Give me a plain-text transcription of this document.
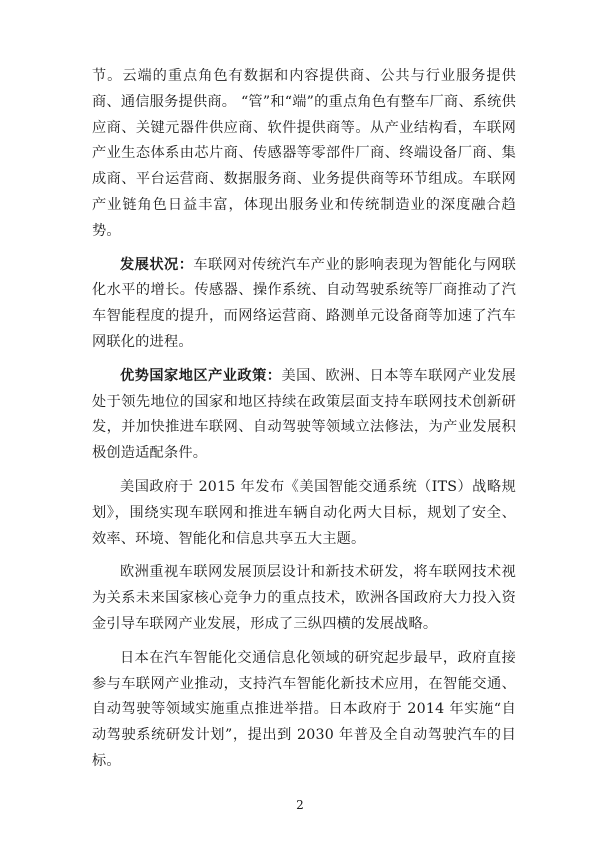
节。云端的重点角色有数据和内容提供商、公共与行业服务提供商、通信服务提供商。 “管”和“端”的重点角色有整车厂商、系统供应商、关键元器件供应商、软件提供商等。从产业结构看，车联网产业生态体系由芯片商、传感器等零部件厂商、终端设备厂商、集成商、平台运营商、数据服务商、业务提供商等环节组成。车联网产业链角色日益丰富，体现出服务业和传统制造业的深度融合趋势。

发展状况：车联网对传统汽车产业的影响表现为智能化与网联化水平的增长。传感器、操作系统、自动驾驶系统等厂商推动了汽车智能程度的提升，而网络运营商、路测单元设备商等加速了汽车网联化的进程。

优势国家地区产业政策：美国、欧洲、日本等车联网产业发展处于领先地位的国家和地区持续在政策层面支持车联网技术创新研发，并加快推进车联网、自动驾驶等领域立法修法，为产业发展积极创造适配条件。

美国政府于 2015 年发布《美国智能交通系统（ITS）战略规划》，围绕实现车联网和推进车辆自动化两大目标，规划了安全、效率、环境、智能化和信息共享五大主题。

欧洲重视车联网发展顶层设计和新技术研发，将车联网技术视为关系未来国家核心竞争力的重点技术，欧洲各国政府大力投入资金引导车联网产业发展，形成了三纵四横的发展战略。

日本在汽车智能化交通信息化领域的研究起步最早，政府直接参与车联网产业推动，支持汽车智能化新技术应用，在智能交通、自动驾驶等领域实施重点推进举措。日本政府于 2014 年实施“自动驾驶系统研发计划”，提出到 2030 年普及全自动驾驶汽车的目标。

2
